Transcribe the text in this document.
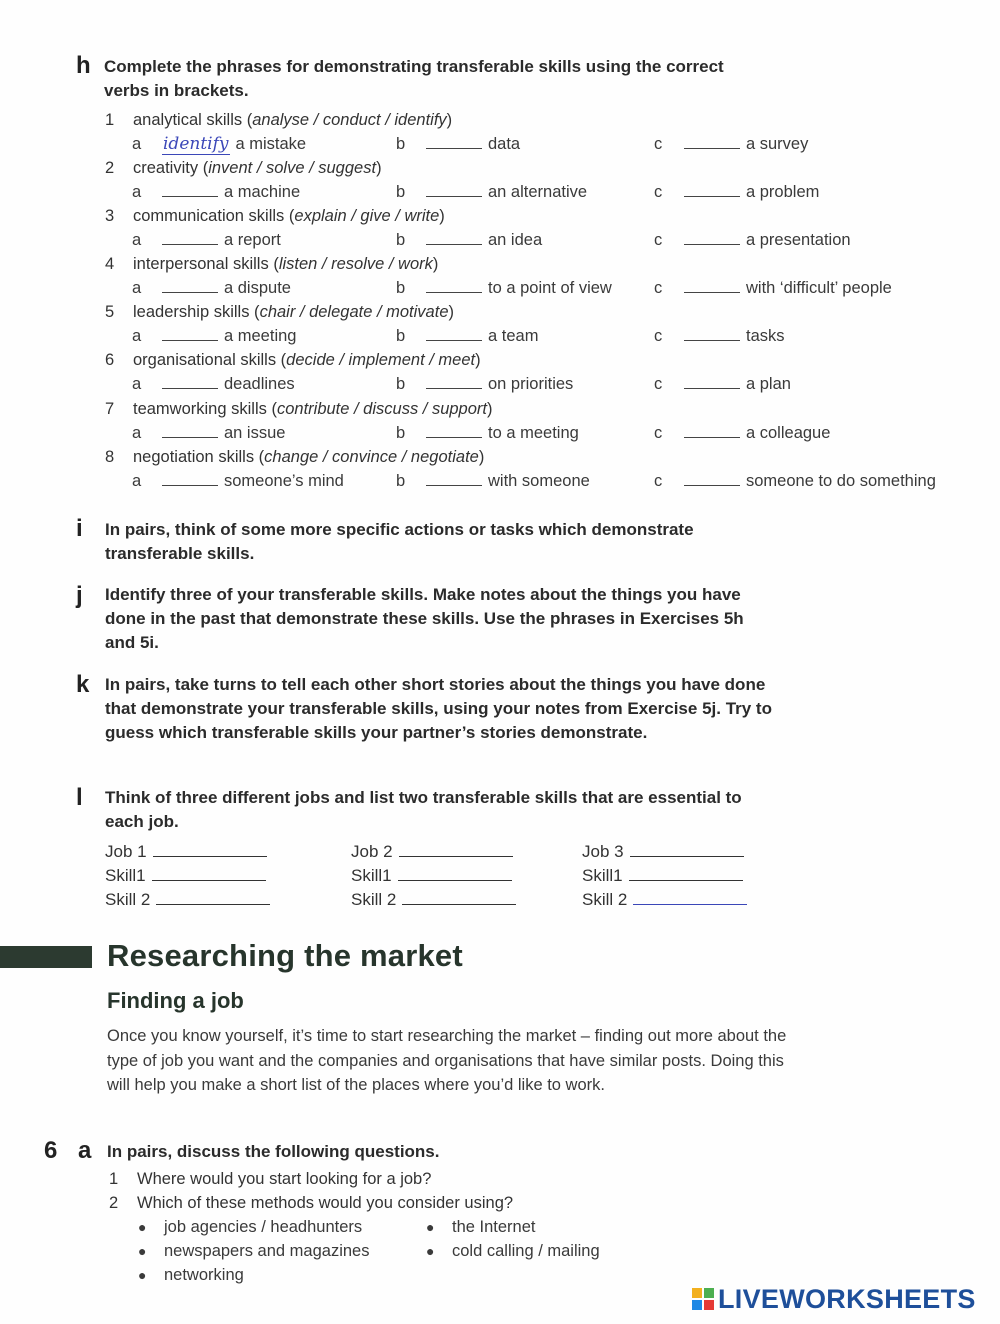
h Complete the phrases for demonstrating transferable skills using the correct verbs in brackets.
1 analytical skills (analyse / conduct / identify)
a identify a mistake	b	data	c	a survey
2 creativity (invent / solve / suggest)
a	a machine	b	an alternative	c	a problem
3 communication skills (explain / give / write)
a	a report	b	an idea	c	a presentation
4 interpersonal skills (listen / resolve / work)
a	a dispute	b	to a point of view	c	with ‘difficult’ people
5 leadership skills (chair / delegate / motivate)
a	a meeting	b	a team	c	tasks
6 organisational skills (decide / implement / meet)
a	deadlines	b	on priorities	c	a plan
7 teamworking skills (contribute / discuss / support)
a	an issue	b	to a meeting	c	a colleague
8 negotiation skills (change / convince / negotiate)
a	someone’s mind	b	with someone	c	someone to do something
i In pairs, think of some more specific actions or tasks which demonstrate transferable skills.
j Identify three of your transferable skills. Make notes about the things you have done in the past that demonstrate these skills. Use the phrases in Exercises 5h and 5i.
k In pairs, take turns to tell each other short stories about the things you have done that demonstrate your transferable skills, using your notes from Exercise 5j. Try to guess which transferable skills your partner’s stories demonstrate.
l Think of three different jobs and list two transferable skills that are essential to each job.
Job 1
Skill1
Skill 2
Job 2
Skill1
Skill 2
Job 3
Skill1
Skill 2
Researching the market
Finding a job
Once you know yourself, it’s time to start researching the market – finding out more about the type of job you want and the companies and organisations that have similar posts. Doing this will help you make a short list of the places where you’d like to work.
6 a In pairs, discuss the following questions.
1 Where would you start looking for a job?
2 Which of these methods would you consider using?
● job agencies / headhunters
● newspapers and magazines
● networking
● the Internet
● cold calling / mailing
LIVEWORKSHEETS
